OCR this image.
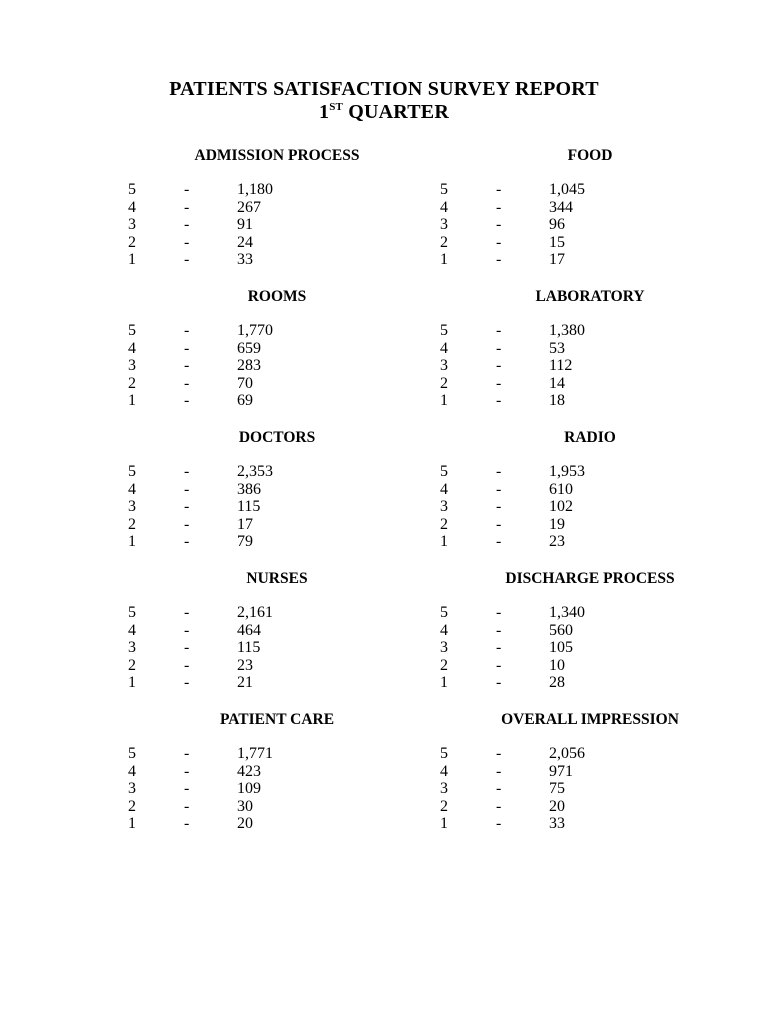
PATIENTS SATISFACTION SURVEY REPORT
1ST QUARTER
ADMISSION PROCESS
5	-	1,180
4	-	267
3	-	91
2	-	24
1	-	33
FOOD
5	-	1,045
4	-	344
3	-	96
2	-	15
1	-	17
ROOMS
5	-	1,770
4	-	659
3	-	283
2	-	70
1	-	69
LABORATORY
5	-	1,380
4	-	53
3	-	112
2	-	14
1	-	18
DOCTORS
5	-	2,353
4	-	386
3	-	115
2	-	17
1	-	79
RADIO
5	-	1,953
4	-	610
3	-	102
2	-	19
1	-	23
NURSES
5	-	2,161
4	-	464
3	-	115
2	-	23
1	-	21
DISCHARGE PROCESS
5	-	1,340
4	-	560
3	-	105
2	-	10
1	-	28
PATIENT CARE
5	-	1,771
4	-	423
3	-	109
2	-	30
1	-	20
OVERALL IMPRESSION
5	-	2,056
4	-	971
3	-	75
2	-	20
1	-	33
